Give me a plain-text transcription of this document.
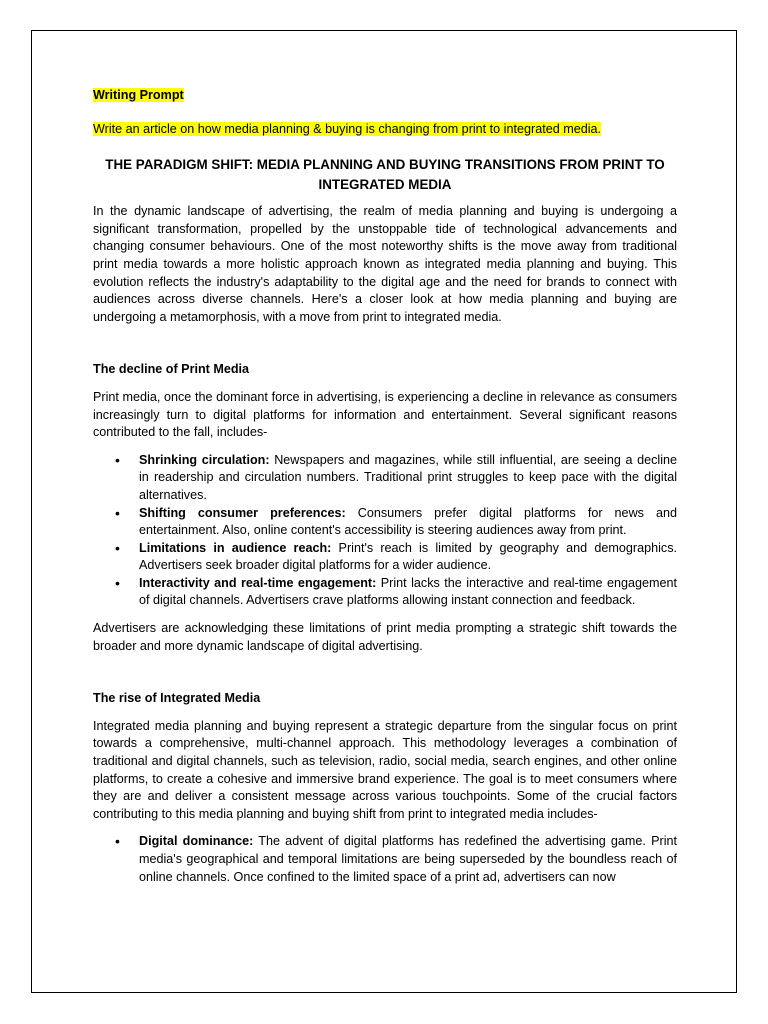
Writing Prompt

Write an article on how media planning & buying is changing from print to integrated media.

THE PARADIGM SHIFT: MEDIA PLANNING AND BUYING TRANSITIONS FROM PRINT TO INTEGRATED MEDIA

In the dynamic landscape of advertising, the realm of media planning and buying is undergoing a significant transformation, propelled by the unstoppable tide of technological advancements and changing consumer behaviours. One of the most noteworthy shifts is the move away from traditional print media towards a more holistic approach known as integrated media planning and buying. This evolution reflects the industry's adaptability to the digital age and the need for brands to connect with audiences across diverse channels. Here's a closer look at how media planning and buying are undergoing a metamorphosis, with a move from print to integrated media.

The decline of Print Media

Print media, once the dominant force in advertising, is experiencing a decline in relevance as consumers increasingly turn to digital platforms for information and entertainment. Several significant reasons contributed to the fall, includes-

• Shrinking circulation: Newspapers and magazines, while still influential, are seeing a decline in readership and circulation numbers. Traditional print struggles to keep pace with the digital alternatives.
• Shifting consumer preferences: Consumers prefer digital platforms for news and entertainment. Also, online content's accessibility is steering audiences away from print.
• Limitations in audience reach: Print's reach is limited by geography and demographics. Advertisers seek broader digital platforms for a wider audience.
• Interactivity and real-time engagement: Print lacks the interactive and real-time engagement of digital channels. Advertisers crave platforms allowing instant connection and feedback.

Advertisers are acknowledging these limitations of print media prompting a strategic shift towards the broader and more dynamic landscape of digital advertising.

The rise of Integrated Media

Integrated media planning and buying represent a strategic departure from the singular focus on print towards a comprehensive, multi-channel approach. This methodology leverages a combination of traditional and digital channels, such as television, radio, social media, search engines, and other online platforms, to create a cohesive and immersive brand experience. The goal is to meet consumers where they are and deliver a consistent message across various touchpoints. Some of the crucial factors contributing to this media planning and buying shift from print to integrated media includes-

• Digital dominance: The advent of digital platforms has redefined the advertising game. Print media's geographical and temporal limitations are being superseded by the boundless reach of online channels. Once confined to the limited space of a print ad, advertisers can now
